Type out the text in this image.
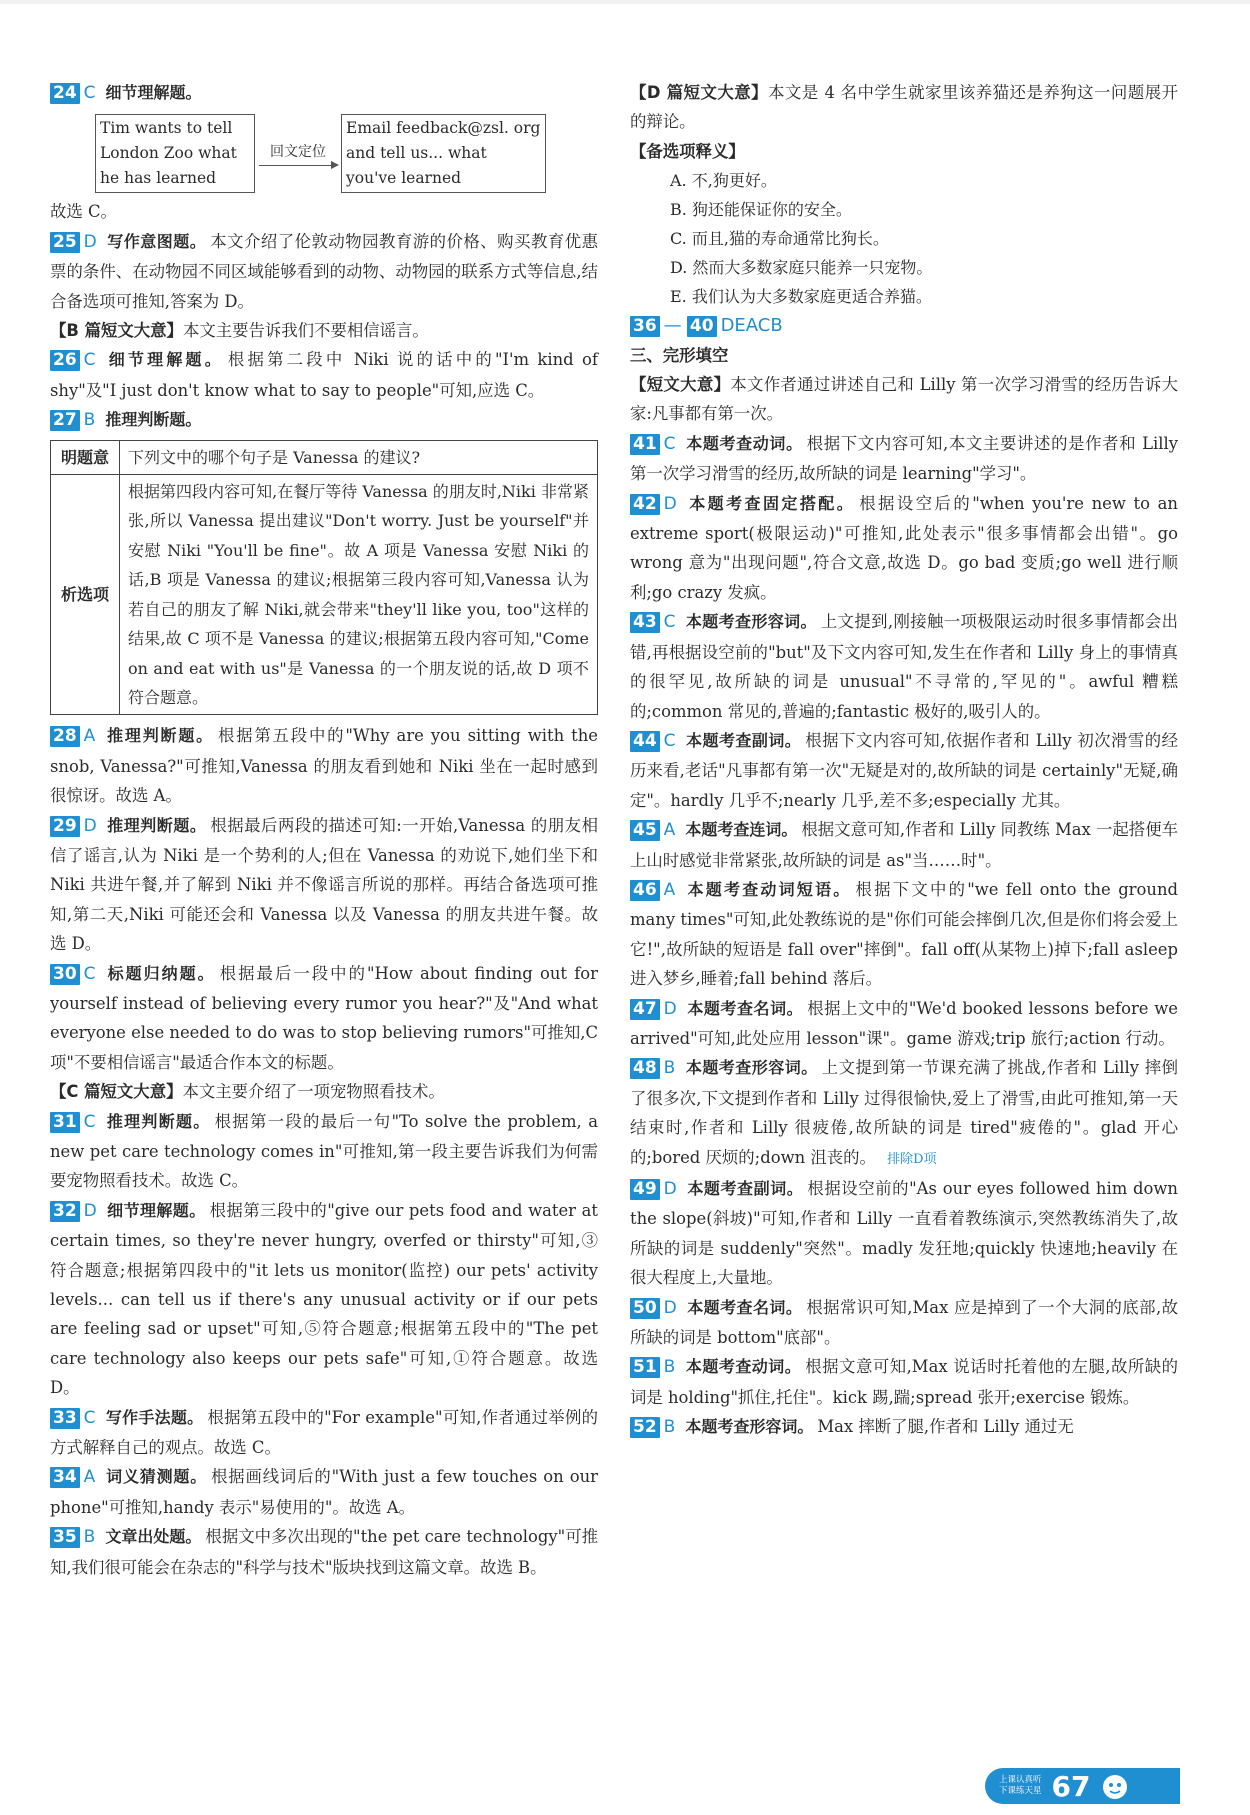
24 C 细节理解题。

Tim wants to tell London Zoo what he has learned
回文定位
Email feedback@zsl. org and tell us... what you've learned

故选 C。

25 D 写作意图题。 本文介绍了伦敦动物园教育游的价格、购买教育优惠票的条件、在动物园不同区域能够看到的动物、动物园的联系方式等信息,结合备选项可推知,答案为 D。

【B 篇短文大意】本文主要告诉我们不要相信谣言。

26 C 细节理解题。 根据第二段中 Niki 说的话中的"I'm kind of shy"及"I just don't know what to say to people"可知,应选 C。

27 B 推理判断题。

明题意	下列文中的哪个句子是 Vanessa 的建议?
析选项	根据第四段内容可知,在餐厅等待 Vanessa 的朋友时,Niki 非常紧张,所以 Vanessa 提出建议"Don't worry. Just be yourself"并安慰 Niki "You'll be fine"。故 A 项是 Vanessa 安慰 Niki 的话,B 项是 Vanessa 的建议;根据第三段内容可知,Vanessa 认为若自己的朋友了解 Niki,就会带来"they'll like you, too"这样的结果,故 C 项不是 Vanessa 的建议;根据第五段内容可知,"Come on and eat with us"是 Vanessa 的一个朋友说的话,故 D 项不符合题意。

28 A 推理判断题。 根据第五段中的"Why are you sitting with the snob, Vanessa?"可推知,Vanessa 的朋友看到她和 Niki 坐在一起时感到很惊讶。故选 A。

29 D 推理判断题。 根据最后两段的描述可知:一开始,Vanessa 的朋友相信了谣言,认为 Niki 是一个势利的人;但在 Vanessa 的劝说下,她们坐下和 Niki 共进午餐,并了解到 Niki 并不像谣言所说的那样。再结合备选项可推知,第二天,Niki 可能还会和 Vanessa 以及 Vanessa 的朋友共进午餐。故选 D。

30 C 标题归纳题。 根据最后一段中的"How about finding out for yourself instead of believing every rumor you hear?"及"And what everyone else needed to do was to stop believing rumors"可推知,C 项"不要相信谣言"最适合作本文的标题。

【C 篇短文大意】本文主要介绍了一项宠物照看技术。

31 C 推理判断题。 根据第一段的最后一句"To solve the problem, a new pet care technology comes in"可推知,第一段主要告诉我们为何需要宠物照看技术。故选 C。

32 D 细节理解题。 根据第三段中的"give our pets food and water at certain times, so they're never hungry, overfed or thirsty"可知,③符合题意;根据第四段中的"it lets us monitor(监控) our pets' activity levels... can tell us if there's any unusual activity or if our pets are feeling sad or upset"可知,⑤符合题意;根据第五段中的"The pet care technology also keeps our pets safe"可知,①符合题意。故选 D。

33 C 写作手法题。 根据第五段中的"For example"可知,作者通过举例的方式解释自己的观点。故选 C。

34 A 词义猜测题。 根据画线词后的"With just a few touches on our phone"可推知,handy 表示"易使用的"。故选 A。

35 B 文章出处题。 根据文中多次出现的"the pet care technology"可推知,我们很可能会在杂志的"科学与技术"版块找到这篇文章。故选 B。

【D 篇短文大意】本文是 4 名中学生就家里该养猫还是养狗这一问题展开的辩论。

【备选项释义】

A. 不,狗更好。

B. 狗还能保证你的安全。

C. 而且,猫的寿命通常比狗长。

D. 然而大多数家庭只能养一只宠物。

E. 我们认为大多数家庭更适合养猫。

36 — 40 DEACB

三、完形填空

【短文大意】本文作者通过讲述自己和 Lilly 第一次学习滑雪的经历告诉大家:凡事都有第一次。

41 C 本题考查动词。 根据下文内容可知,本文主要讲述的是作者和 Lilly 第一次学习滑雪的经历,故所缺的词是 learning"学习"。

42 D 本题考查固定搭配。 根据设空后的"when you're new to an extreme sport(极限运动)"可推知,此处表示"很多事情都会出错"。go wrong 意为"出现问题",符合文意,故选 D。go bad 变质;go well 进行顺利;go crazy 发疯。

43 C 本题考查形容词。 上文提到,刚接触一项极限运动时很多事情都会出错,再根据设空前的"but"及下文内容可知,发生在作者和 Lilly 身上的事情真的很罕见,故所缺的词是 unusual"不寻常的,罕见的"。awful 糟糕的;common 常见的,普遍的;fantastic 极好的,吸引人的。

44 C 本题考查副词。 根据下文内容可知,依据作者和 Lilly 初次滑雪的经历来看,老话"凡事都有第一次"无疑是对的,故所缺的词是 certainly"无疑,确定"。hardly 几乎不;nearly 几乎,差不多;especially 尤其。

45 A 本题考查连词。 根据文意可知,作者和 Lilly 同教练 Max 一起搭便车上山时感觉非常紧张,故所缺的词是 as"当……时"。

46 A 本题考查动词短语。 根据下文中的"we fell onto the ground many times"可知,此处教练说的是"你们可能会摔倒几次,但是你们将会爱上它!",故所缺的短语是 fall over"摔倒"。fall off(从某物上)掉下;fall asleep 进入梦乡,睡着;fall behind 落后。

47 D 本题考查名词。 根据上文中的"We'd booked lessons before we arrived"可知,此处应用 lesson"课"。game 游戏;trip 旅行;action 行动。

48 B 本题考查形容词。 上文提到第一节课充满了挑战,作者和 Lilly 摔倒了很多次,下文提到作者和 Lilly 过得很愉快,爱上了滑雪,由此可推知,第一天结束时,作者和 Lilly 很疲倦,故所缺的词是 tired"疲倦的"。glad 开心的;bored 厌烦的;down 沮丧的。 排除D项

49 D 本题考查副词。 根据设空前的"As our eyes followed him down the slope(斜坡)"可知,作者和 Lilly 一直看着教练演示,突然教练消失了,故所缺的词是 suddenly"突然"。madly 发狂地;quickly 快速地;heavily 在很大程度上,大量地。

50 D 本题考查名词。 根据常识可知,Max 应是掉到了一个大洞的底部,故所缺的词是 bottom"底部"。

51 B 本题考查动词。 根据文意可知,Max 说话时托着他的左腿,故所缺的词是 holding"抓住,托住"。kick 踢,踹;spread 张开;exercise 锻炼。

52 B 本题考查形容词。 Max 摔断了腿,作者和 Lilly 通过无

上课认真听
下课练天星 67
